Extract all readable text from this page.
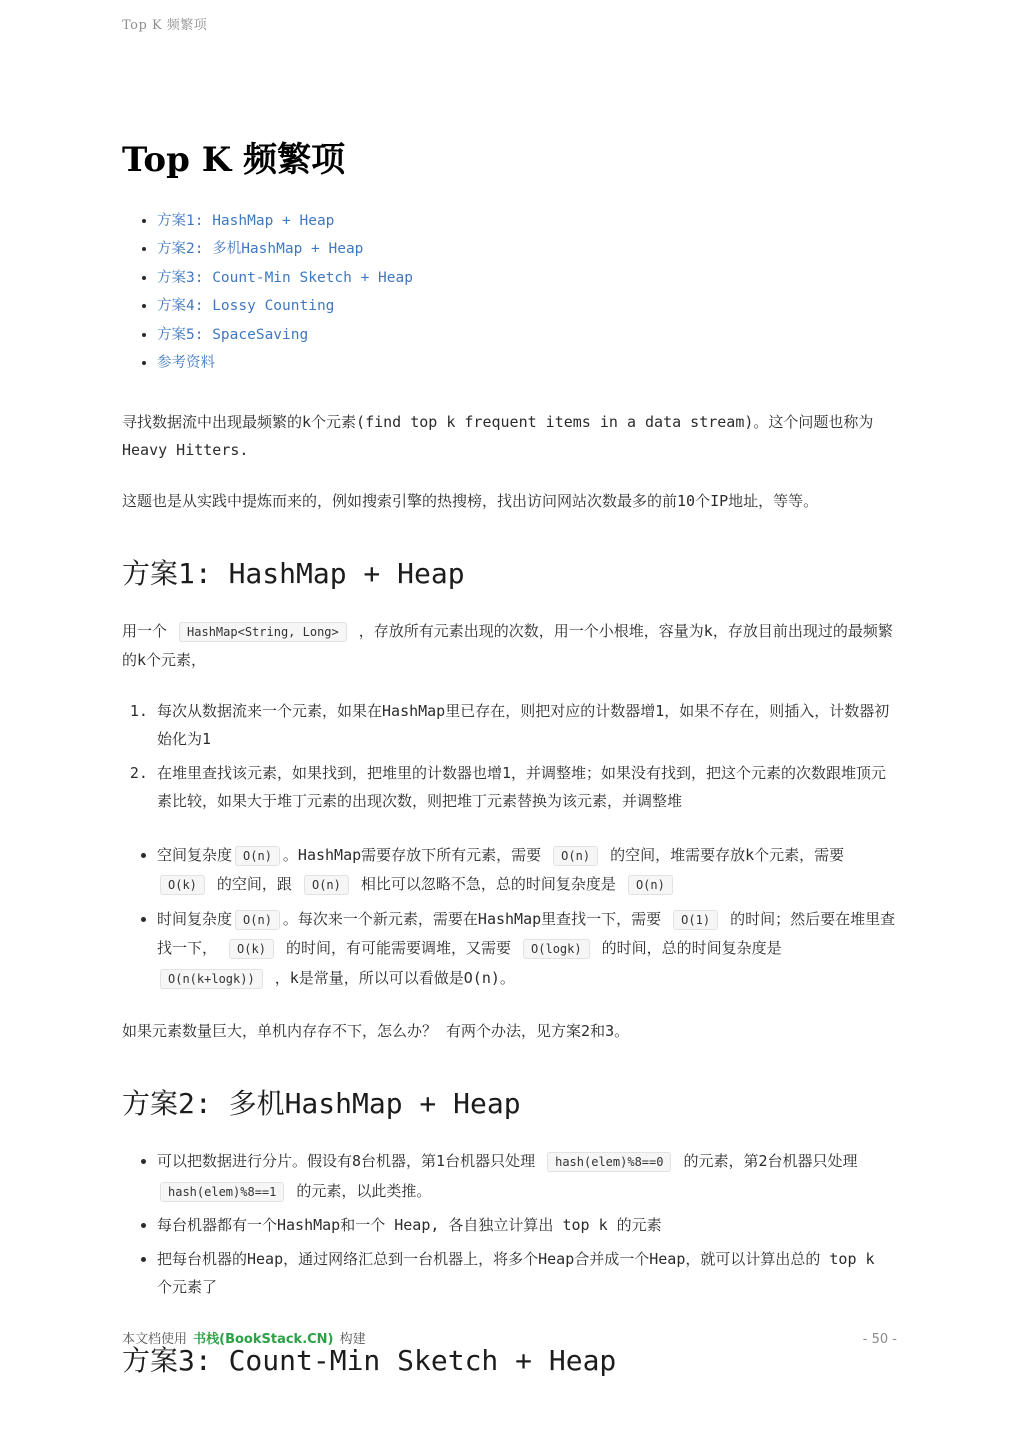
Top K 频繁项
Top K 频繁项
• 方案1: HashMap + Heap
• 方案2: 多机HashMap + Heap
• 方案3: Count-Min Sketch + Heap
• 方案4: Lossy Counting
• 方案5: SpaceSaving
• 参考资料

寻找数据流中出现最频繁的k个元素(find top k frequent items in a data stream)。这个问题也称为 Heavy Hitters.

这题也是从实践中提炼而来的，例如搜索引擎的热搜榜，找出访问网站次数最多的前10个IP地址，等等。

方案1: HashMap + Heap

用一个 HashMap<String, Long> ，存放所有元素出现的次数，用一个小根堆，容量为k，存放目前出现过的最频繁的k个元素，

1. 每次从数据流来一个元素，如果在HashMap里已存在，则把对应的计数器增1，如果不存在，则插入，计数器初始化为1
2. 在堆里查找该元素，如果找到，把堆里的计数器也增1，并调整堆；如果没有找到，把这个元素的次数跟堆顶元素比较，如果大于堆丁元素的出现次数，则把堆丁元素替换为该元素，并调整堆
• 空间复杂度 O(n) 。HashMap需要存放下所有元素，需要 O(n) 的空间，堆需要存放k个元素，需要 O(k) 的空间，跟 O(n) 相比可以忽略不急，总的时间复杂度是 O(n)
• 时间复杂度 O(n) 。每次来一个新元素，需要在HashMap里查找一下，需要 O(1) 的时间；然后要在堆里查找一下， O(k) 的时间，有可能需要调堆，又需要 O(logk) 的时间，总的时间复杂度是 O(n(k+logk)) ，k是常量，所以可以看做是O(n)。

如果元素数量巨大，单机内存存不下，怎么办？ 有两个办法，见方案2和3。

方案2: 多机HashMap + Heap
• 可以把数据进行分片。假设有8台机器，第1台机器只处理 hash(elem)%8==0 的元素，第2台机器只处理 hash(elem)%8==1 的元素，以此类推。
• 每台机器都有一个HashMap和一个 Heap, 各自独立计算出 top k 的元素
• 把每台机器的Heap，通过网络汇总到一台机器上，将多个Heap合并成一个Heap，就可以计算出总的 top k 个元素了
方案3: Count-Min Sketch + Heap
本文档使用 书栈(BookStack.CN) 构建	- 50 -
